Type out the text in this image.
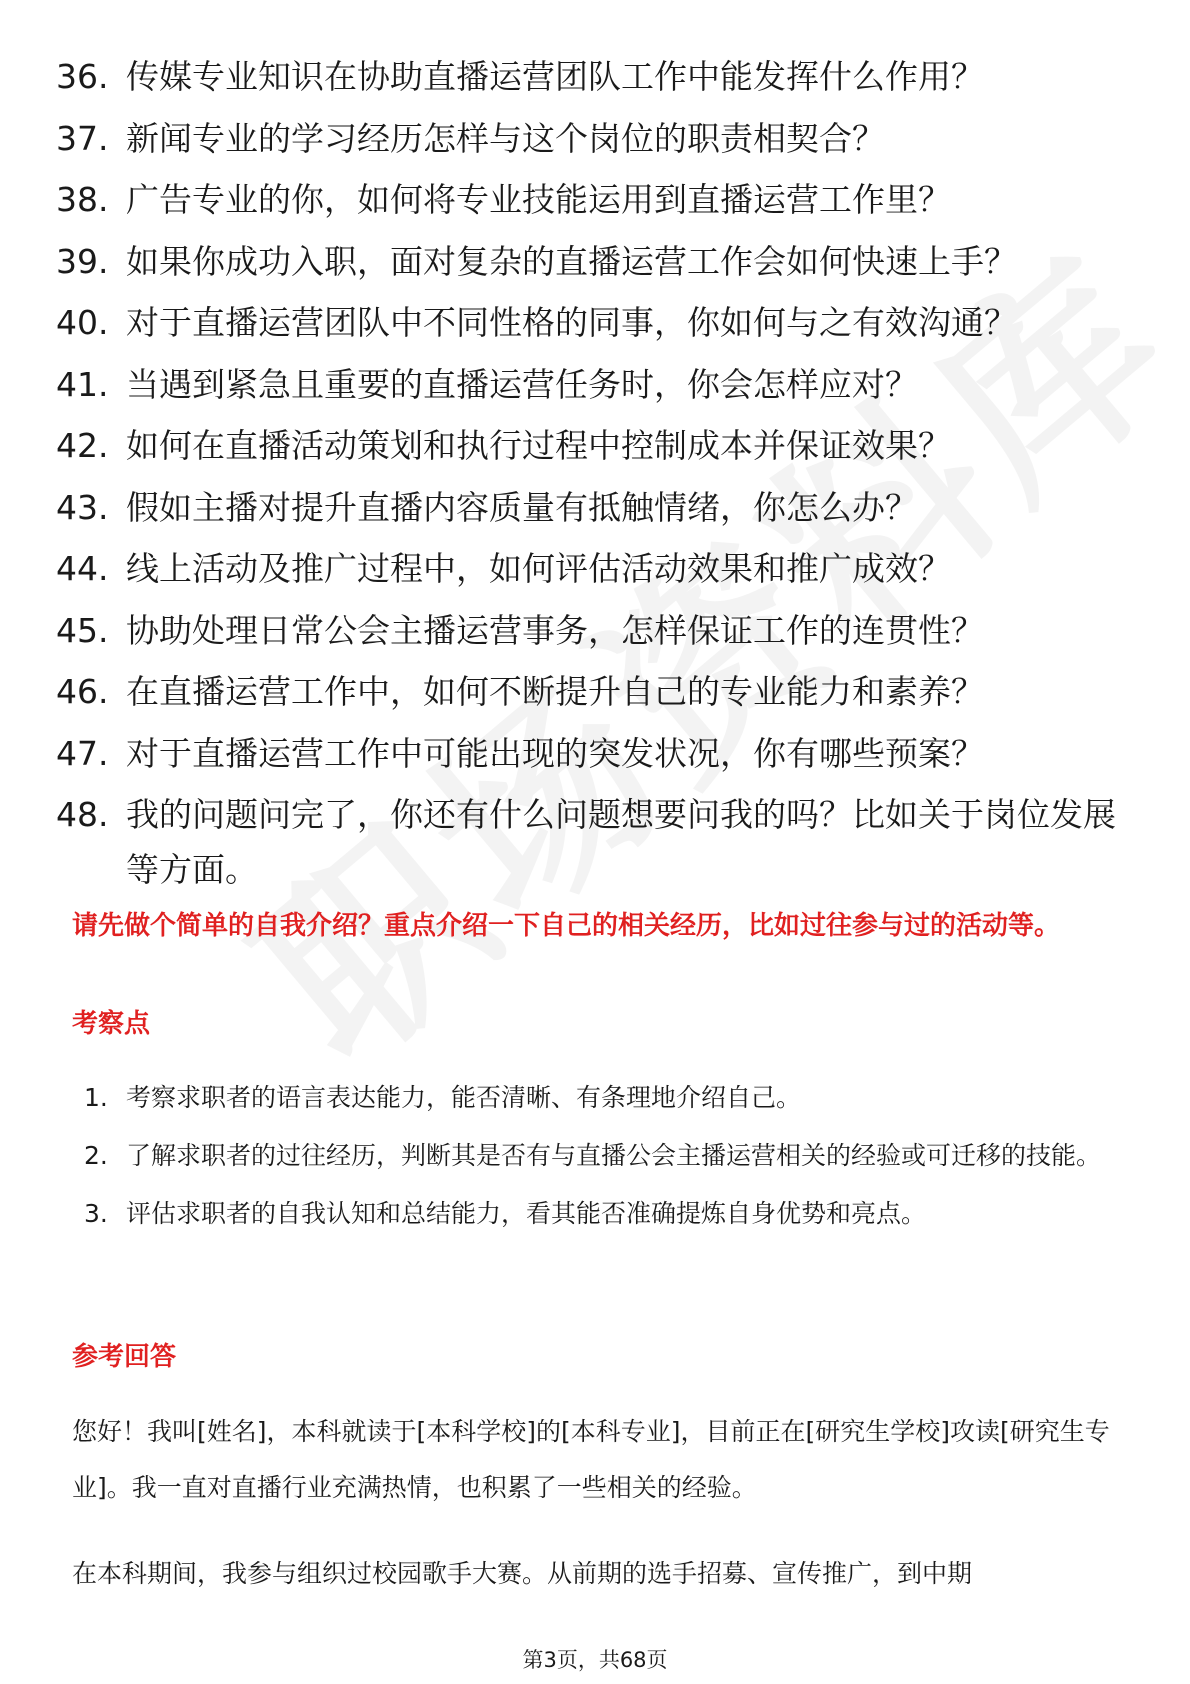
36. 传媒专业知识在协助直播运营团队工作中能发挥什么作用？
37. 新闻专业的学习经历怎样与这个岗位的职责相契合？
38. 广告专业的你，如何将专业技能运用到直播运营工作里？
39. 如果你成功入职，面对复杂的直播运营工作会如何快速上手？
40. 对于直播运营团队中不同性格的同事，你如何与之有效沟通？
41. 当遇到紧急且重要的直播运营任务时，你会怎样应对？
42. 如何在直播活动策划和执行过程中控制成本并保证效果？
43. 假如主播对提升直播内容质量有抵触情绪，你怎么办？
44. 线上活动及推广过程中，如何评估活动效果和推广成效？
45. 协助处理日常公会主播运营事务，怎样保证工作的连贯性？
46. 在直播运营工作中，如何不断提升自己的专业能力和素养？
47. 对于直播运营工作中可能出现的突发状况，你有哪些预案？
48. 我的问题问完了，你还有什么问题想要问我的吗？比如关于岗位发展等方面。
请先做个简单的自我介绍？重点介绍一下自己的相关经历，比如过往参与过的活动等。
考察点
1. 考察求职者的语言表达能力，能否清晰、有条理地介绍自己。
2. 了解求职者的过往经历，判断其是否有与直播公会主播运营相关的经验或可迁移的技能。
3. 评估求职者的自我认知和总结能力，看其能否准确提炼自身优势和亮点。
参考回答

您好！我叫[姓名]，本科就读于[本科学校]的[本科专业]，目前正在[研究生学校]攻读[研究生专业]。我一直对直播行业充满热情，也积累了一些相关的经验。

在本科期间，我参与组织过校园歌手大赛。从前期的选手招募、宣传推广，到中期

第3页，共68页
